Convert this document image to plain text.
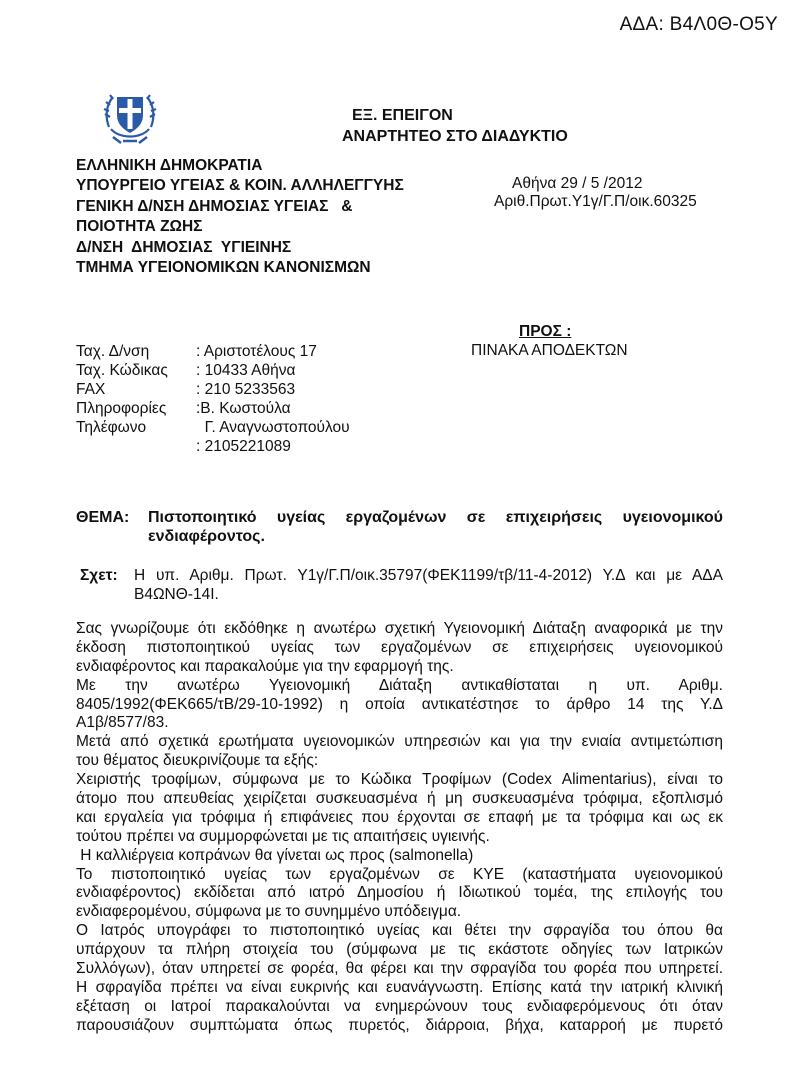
ΑΔΑ: Β4Λ0Θ-Ο5Υ
ΕΞ. ΕΠΕΙΓΟΝ
ΑΝΑΡΤΗΤΕΟ ΣΤΟ ΔΙΑΔΥΚΤΙΟ
ΕΛΛΗΝΙΚΗ ΔΗΜΟΚΡΑΤΙΑ
ΥΠΟΥΡΓΕΙΟ ΥΓΕΙΑΣ & ΚΟΙΝ. ΑΛΛΗΛΕΓΓΥΗΣ
ΓΕΝΙΚΗ Δ/ΝΣΗ ΔΗΜΟΣΙΑΣ ΥΓΕΙΑΣ   &
ΠΟΙΟΤΗΤΑ ΖΩΗΣ
Δ/ΝΣΗ  ΔΗΜΟΣΙΑΣ  ΥΓΙΕΙΝΗΣ
ΤΜΗΜΑ ΥΓΕΙΟΝΟΜΙΚΩΝ ΚΑΝΟΝΙΣΜΩΝ
Αθήνα 29 / 5 /2012
Αριθ.Πρωτ.Υ1γ/Γ.Π/οικ.60325
ΠΡΟΣ :
ΠΙΝΑΚΑ ΑΠΟΔΕΚΤΩΝ
Ταχ. Δ/νση	: Αριστοτέλους 17
Ταχ. Κώδικας	: 10433 Αθήνα
FAX	: 210 5233563
Πληροφορίες	:Β. Κωστούλα
Τηλέφωνο	Γ. Αναγνωστοπούλου
: 2105221089
ΘΕΜΑ:	Πιστοποιητικό υγείας εργαζομένων σε επιχειρήσεις υγειονομικού
ενδιαφέροντος.
Σχετ:	Η υπ. Αριθμ. Πρωτ. Υ1γ/Γ.Π/οικ.35797(ΦΕΚ1199/τβ/11-4-2012) Υ.Δ και με ΑΔΑ
Β4ΩΝΘ-14Ι.
Σας γνωρίζουμε ότι εκδόθηκε η ανωτέρω σχετική Υγειονομική Διάταξη αναφορικά με την
έκδοση πιστοποιητικού υγείας των εργαζομένων σε επιχειρήσεις υγειονομικού
ενδιαφέροντος και παρακαλούμε για την εφαρμογή της.
Με την ανωτέρω Υγειονομική Διάταξη αντικαθίσταται η υπ. Αριθμ.
8405/1992(ΦΕΚ665/τΒ/29-10-1992) η οποία αντικατέστησε το άρθρο 14 της Υ.Δ
Α1β/8577/83.
Μετά από σχετικά ερωτήματα υγειονομικών υπηρεσιών και για την ενιαία αντιμετώπιση
του θέματος διευκρινίζουμε τα εξής:
Χειριστής τροφίμων, σύμφωνα με το Κώδικα Τροφίμων (Codex Alimentarius), είναι το
άτομο που απευθείας χειρίζεται συσκευασμένα ή μη συσκευασμένα τρόφιμα, εξοπλισμό
και εργαλεία για τρόφιμα ή επιφάνειες που έρχονται σε επαφή με τα τρόφιμα και ως εκ
τούτου πρέπει να συμμορφώνεται με τις απαιτήσεις υγιεινής.
Η καλλιέργεια κοπράνων θα γίνεται ως προς (salmonella)
Το πιστοποιητικό υγείας των εργαζομένων σε ΚΥΕ (καταστήματα υγειονομικού
ενδιαφέροντος) εκδίδεται από ιατρό Δημοσίου ή Ιδιωτικού τομέα, της επιλογής του
ενδιαφερομένου, σύμφωνα με το συνημμένο υπόδειγμα.
Ο Ιατρός υπογράφει το πιστοποιητικό υγείας και θέτει την σφραγίδα του όπου θα
υπάρχουν τα πλήρη στοιχεία του (σύμφωνα με τις εκάστοτε οδηγίες των Ιατρικών
Συλλόγων), όταν υπηρετεί σε φορέα, θα φέρει και την σφραγίδα του φορέα που υπηρετεί.
Η σφραγίδα πρέπει να είναι ευκρινής και ευανάγνωστη. Επίσης κατά την ιατρική κλινική
εξέταση οι Ιατροί παρακαλούνται να ενημερώνουν τους ενδιαφερόμενους ότι όταν
παρουσιάζουν συμπτώματα όπως πυρετός, διάρροια, βήχα, καταρροή με πυρετό
